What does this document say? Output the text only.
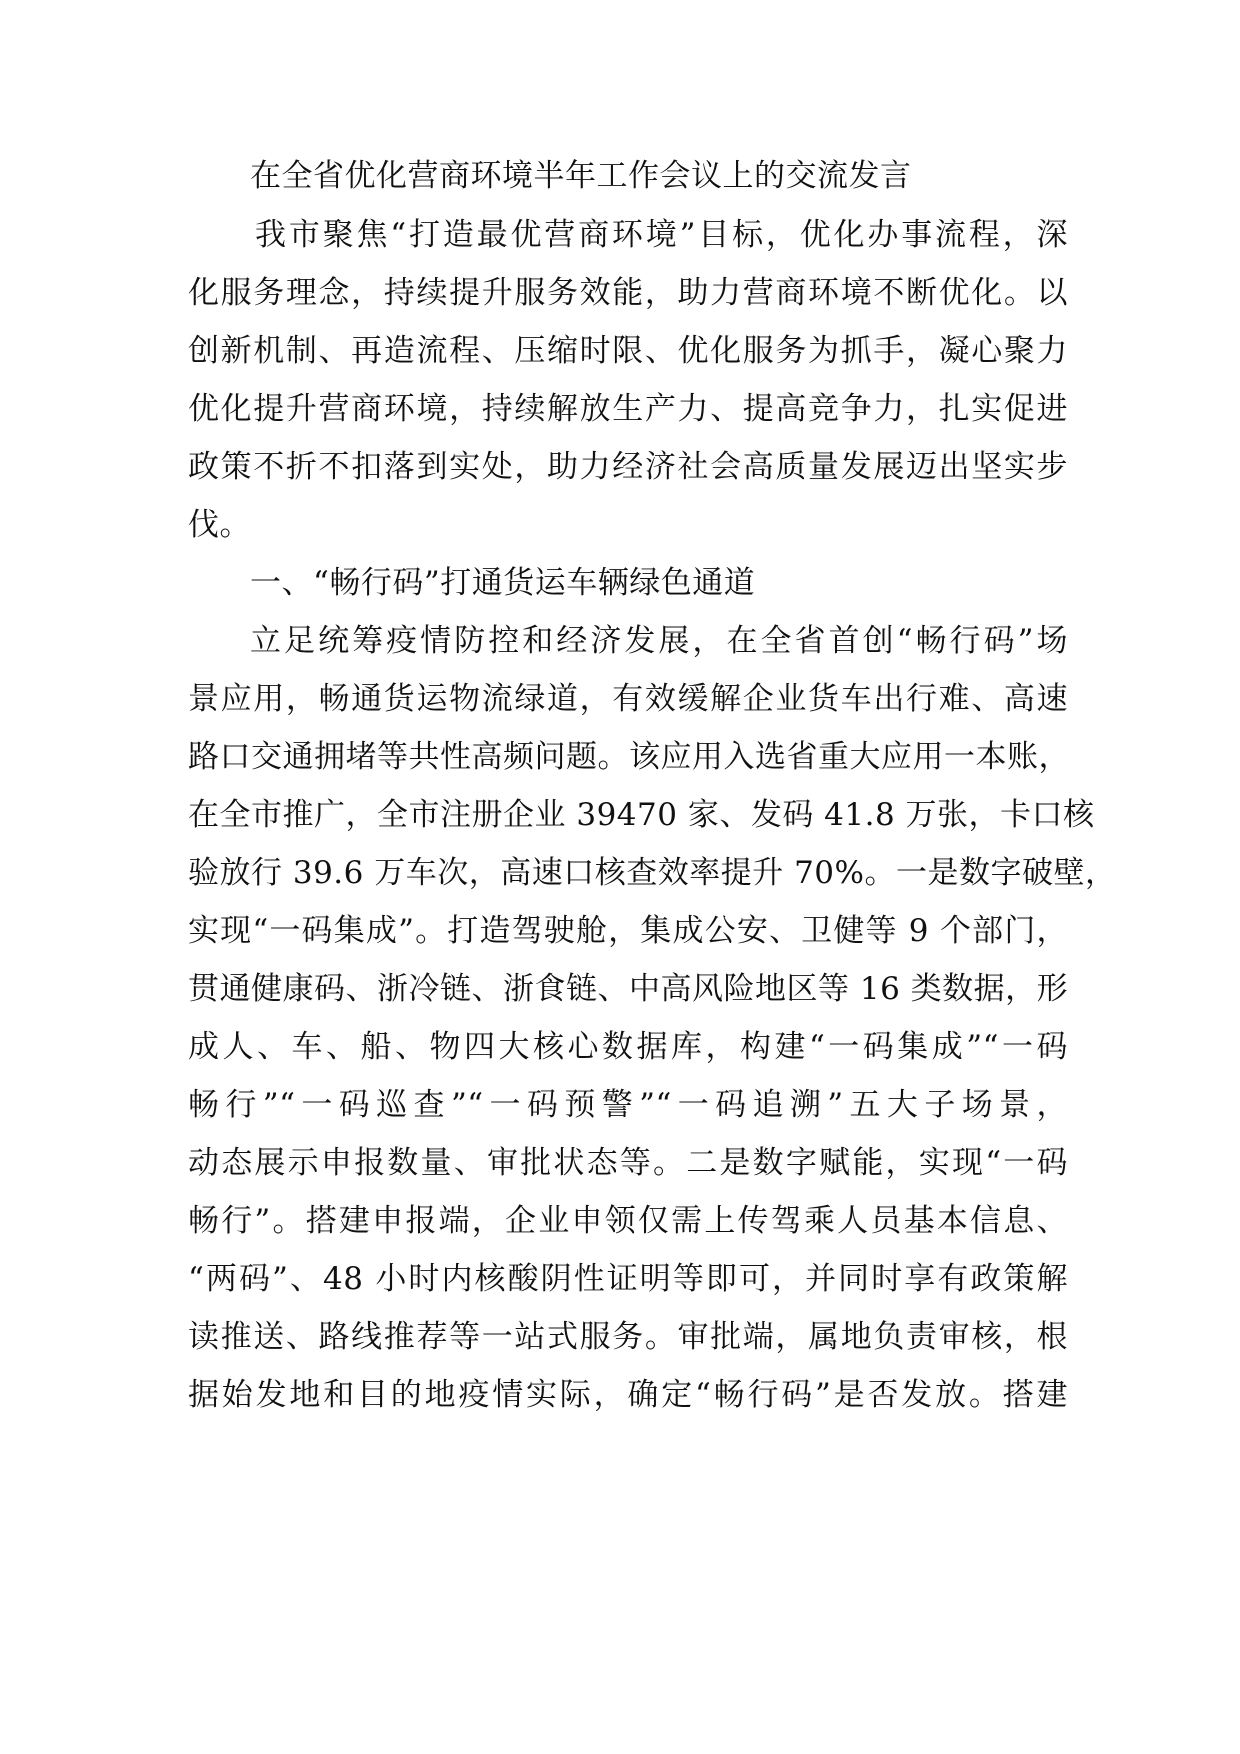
在全省优化营商环境半年工作会议上的交流发言
我市聚焦“打造最优营商环境”目标，优化办事流程，深
化服务理念，持续提升服务效能，助力营商环境不断优化。以
创新机制、再造流程、压缩时限、优化服务为抓手，凝心聚力
优化提升营商环境，持续解放生产力、提高竞争力，扎实促进
政策不折不扣落到实处，助力经济社会高质量发展迈出坚实步
伐。
一、“畅行码”打通货运车辆绿色通道
立足统筹疫情防控和经济发展，在全省首创“畅行码”场
景应用，畅通货运物流绿道，有效缓解企业货车出行难、高速
路口交通拥堵等共性高频问题。该应用入选省重大应用一本账，
在全市推广，全市注册企业 39470 家、发码 41.8 万张，卡口核
验放行 39.6 万车次，高速口核查效率提升 70%。一是数字破壁，
实现“一码集成”。打造驾驶舱，集成公安、卫健等 9 个部门，
贯通健康码、浙冷链、浙食链、中高风险地区等 16 类数据，形
成人、车、船、物四大核心数据库，构建“一码集成”“一码
畅行”“一码巡查”“一码预警”“一码追溯”五大子场景，
动态展示申报数量、审批状态等。二是数字赋能，实现“一码
畅行”。搭建申报端，企业申领仅需上传驾乘人员基本信息、
“两码”、48 小时内核酸阴性证明等即可，并同时享有政策解
读推送、路线推荐等一站式服务。审批端，属地负责审核，根
据始发地和目的地疫情实际，确定“畅行码”是否发放。搭建
